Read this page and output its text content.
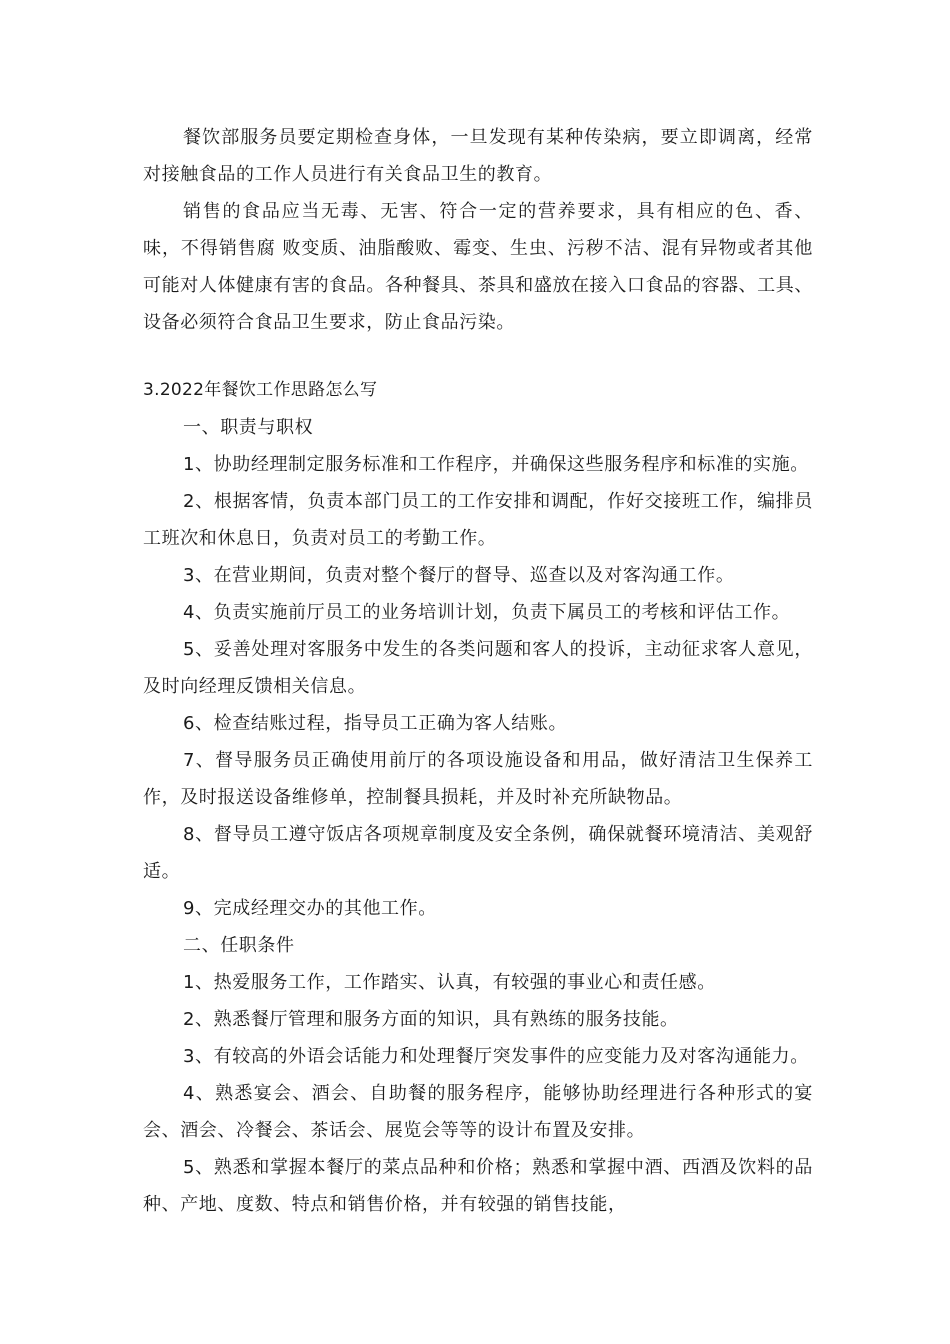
餐饮部服务员要定期检查身体，一旦发现有某种传染病，要立即调离，经常对接触食品的工作人员进行有关食品卫生的教育。

销售的食品应当无毒、无害、符合一定的营养要求，具有相应的色、香、味，不得销售腐 败变质、油脂酸败、霉变、生虫、污秽不洁、混有异物或者其他可能对人体健康有害的食品。各种餐具、茶具和盛放在接入口食品的容器、工具、设备必须符合食品卫生要求，防止食品污染。

3.2022年餐饮工作思路怎么写

一、职责与职权

1、协助经理制定服务标准和工作程序，并确保这些服务程序和标准的实施。

2、根据客情，负责本部门员工的工作安排和调配，作好交接班工作，编排员工班次和休息日，负责对员工的考勤工作。

3、在营业期间，负责对整个餐厅的督导、巡查以及对客沟通工作。

4、负责实施前厅员工的业务培训计划，负责下属员工的考核和评估工作。

5、妥善处理对客服务中发生的各类问题和客人的投诉，主动征求客人意见，及时向经理反馈相关信息。

6、检查结账过程，指导员工正确为客人结账。

7、督导服务员正确使用前厅的各项设施设备和用品，做好清洁卫生保养工作，及时报送设备维修单，控制餐具损耗，并及时补充所缺物品。

8、督导员工遵守饭店各项规章制度及安全条例，确保就餐环境清洁、美观舒适。

9、完成经理交办的其他工作。

二、任职条件

1、热爱服务工作，工作踏实、认真，有较强的事业心和责任感。

2、熟悉餐厅管理和服务方面的知识，具有熟练的服务技能。

3、有较高的外语会话能力和处理餐厅突发事件的应变能力及对客沟通能力。

4、熟悉宴会、酒会、自助餐的服务程序，能够协助经理进行各种形式的宴会、酒会、冷餐会、茶话会、展览会等等的设计布置及安排。

5、熟悉和掌握本餐厅的菜点品种和价格；熟悉和掌握中酒、西酒及饮料的品种、产地、度数、特点和销售价格，并有较强的销售技能，
